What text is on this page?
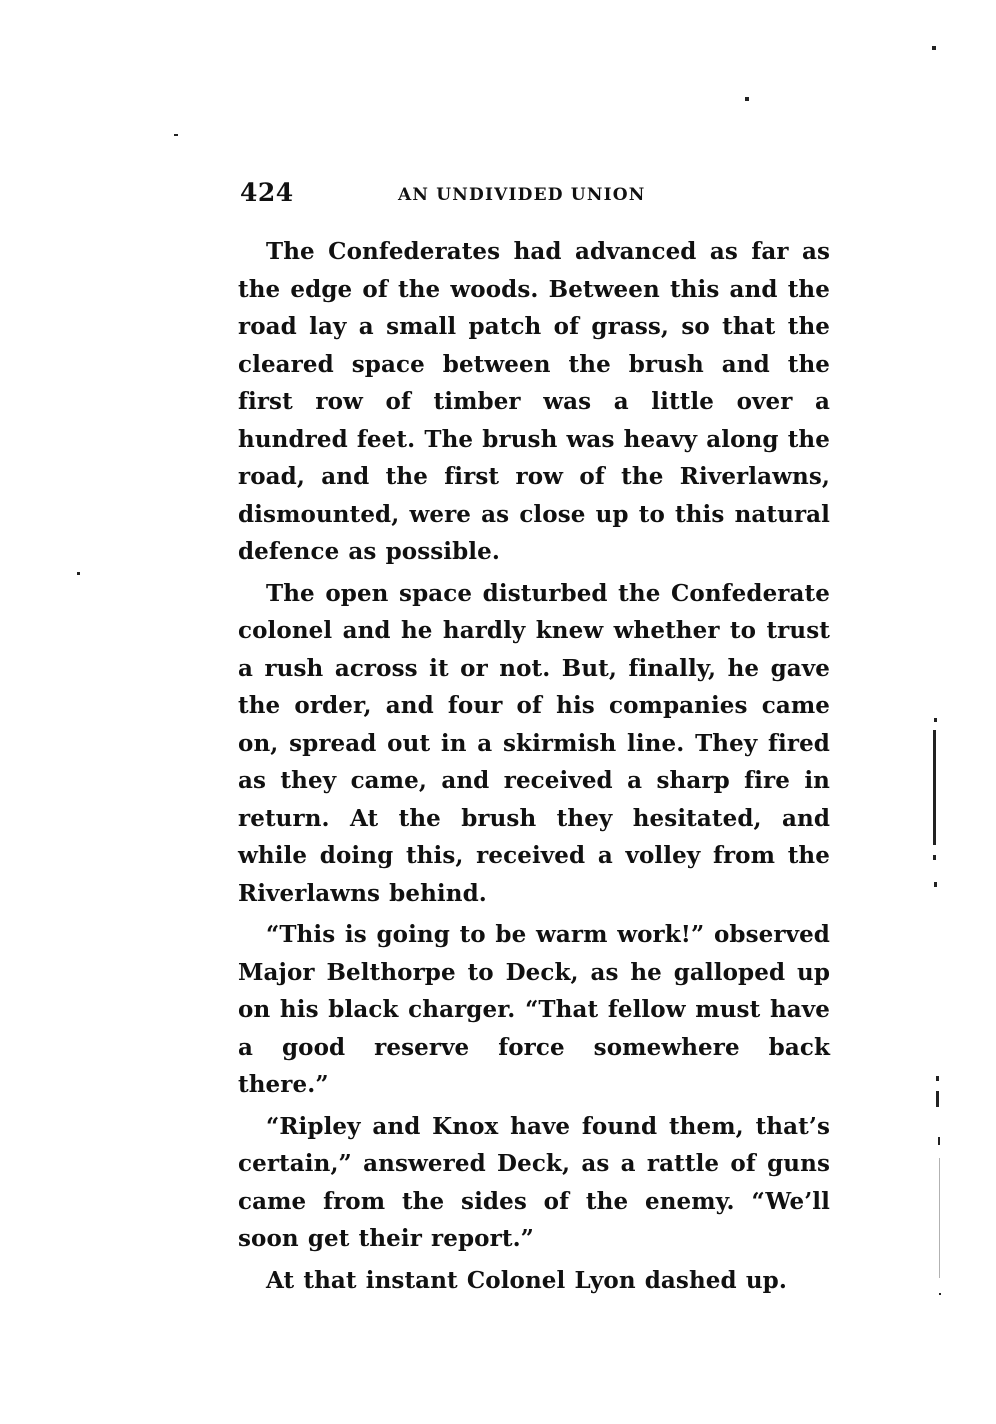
424	AN UNDIVIDED UNION

The Confederates had advanced as far as the edge of the woods. Between this and the road lay a small patch of grass, so that the cleared space between the brush and the first row of timber was a little over a hundred feet. The brush was heavy along the road, and the first row of the Riverlawns, dismounted, were as close up to this natural defence as possible.

The open space disturbed the Confederate colonel and he hardly knew whether to trust a rush across it or not. But, finally, he gave the order, and four of his companies came on, spread out in a skirmish line. They fired as they came, and received a sharp fire in return. At the brush they hesitated, and while doing this, received a volley from the Riverlawns behind.

“This is going to be warm work!” observed Major Belthorpe to Deck, as he galloped up on his black charger. “That fellow must have a good reserve force somewhere back there.”

“Ripley and Knox have found them, that’s certain,” answered Deck, as a rattle of guns came from the sides of the enemy. “We’ll soon get their report.”

At that instant Colonel Lyon dashed up.
